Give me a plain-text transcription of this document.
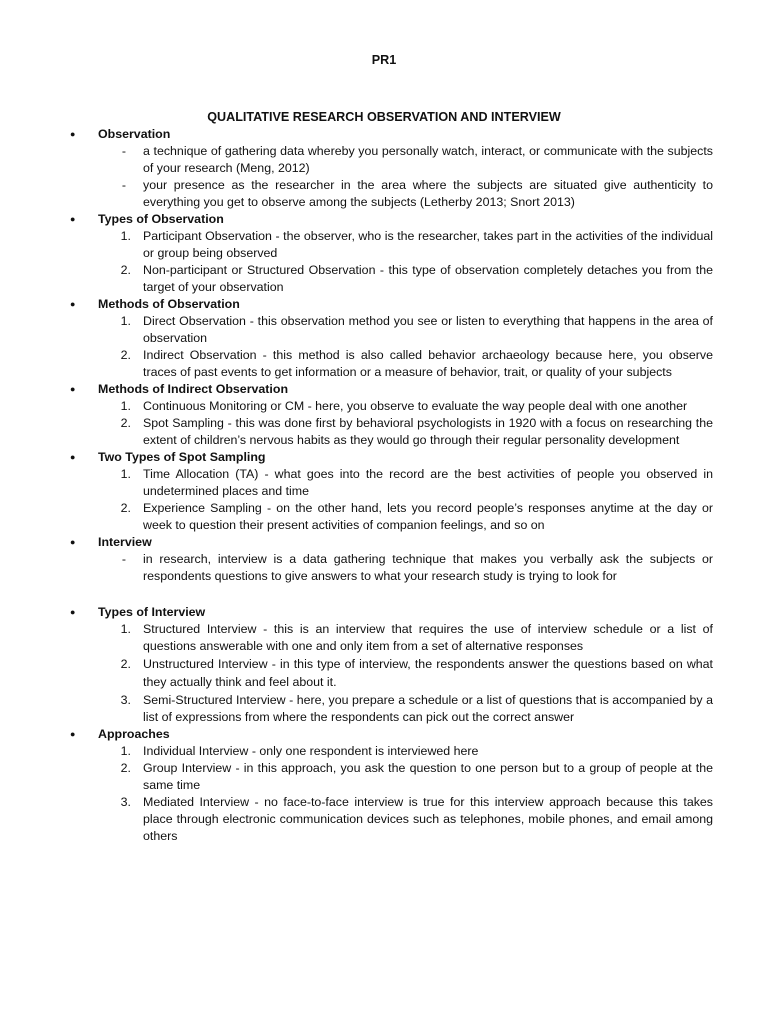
PR1
QUALITATIVE RESEARCH OBSERVATION AND INTERVIEW
● Observation
- a technique of gathering data whereby you personally watch, interact, or communicate with the subjects of your research (Meng, 2012)
- your presence as the researcher in the area where the subjects are situated give authenticity to everything you get to observe among the subjects (Letherby 2013; Snort 2013)
● Types of Observation
1. Participant Observation - the observer, who is the researcher, takes part in the activities of the individual or group being observed
2. Non-participant or Structured Observation - this type of observation completely detaches you from the target of your observation
● Methods of Observation
1. Direct Observation - this observation method you see or listen to everything that happens in the area of observation
2. Indirect Observation - this method is also called behavior archaeology because here, you observe traces of past events to get information or a measure of behavior, trait, or quality of your subjects
● Methods of Indirect Observation
1. Continuous Monitoring or CM - here, you observe to evaluate the way people deal with one another
2. Spot Sampling - this was done first by behavioral psychologists in 1920 with a focus on researching the extent of children’s nervous habits as they would go through their regular personality development
● Two Types of Spot Sampling
1. Time Allocation (TA) - what goes into the record are the best activities of people you observed in undetermined places and time
2. Experience Sampling - on the other hand, lets you record people’s responses anytime at the day or week to question their present activities of companion feelings, and so on
● Interview
- in research, interview is a data gathering technique that makes you verbally ask the subjects or respondents questions to give answers to what your research study is trying to look for
● Types of Interview
1. Structured Interview - this is an interview that requires the use of interview schedule or a list of questions answerable with one and only item from a set of alternative responses
2. Unstructured Interview - in this type of interview, the respondents answer the questions based on what they actually think and feel about it.
3. Semi-Structured Interview - here, you prepare a schedule or a list of questions that is accompanied by a list of expressions from where the respondents can pick out the correct answer
● Approaches
1. Individual Interview - only one respondent is interviewed here
2. Group Interview - in this approach, you ask the question to one person but to a group of people at the same time
3. Mediated Interview - no face-to-face interview is true for this interview approach because this takes place through electronic communication devices such as telephones, mobile phones, and email among others
